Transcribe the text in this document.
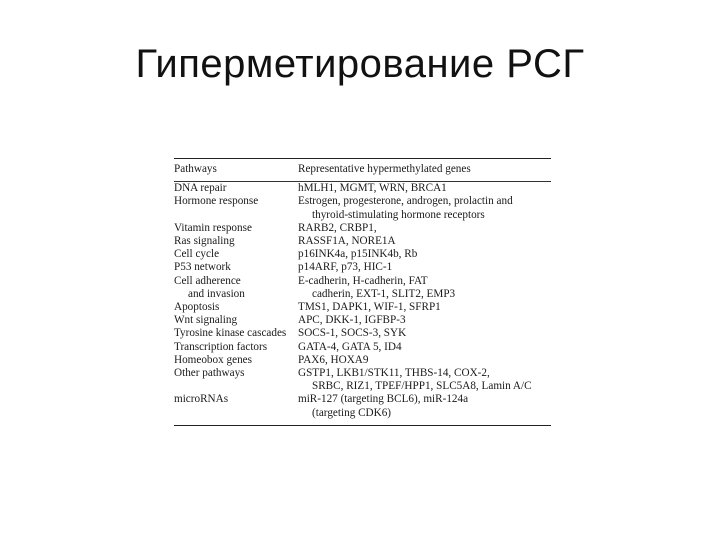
Гиперметирование РСГ
Pathways	Representative hypermethylated genes

DNA repair	hMLH1, MGMT, WRN, BRCA1
Hormone response	Estrogen, progesterone, androgen, prolactin and
thyroid-stimulating hormone receptors

Vitamin response	RARB2, CRBP1,
Ras signaling	RASSF1A, NORE1A
Cell cycle	p16INK4a, p15INK4b, Rb
P53 network	p14ARF, p73, HIC-1
Cell adherence
and invasion	E-cadherin, H-cadherin, FAT
cadherin, EXT-1, SLIT2, EMP3

Apoptosis	TMS1, DAPK1, WIF-1, SFRP1
Wnt signaling	APC, DKK-1, IGFBP-3
Tyrosine kinase cascades	SOCS-1, SOCS-3, SYK
Transcription factors	GATA-4, GATA 5, ID4
Homeobox genes	PAX6, HOXA9
Other pathways	GSTP1, LKB1/STK11, THBS-14, COX-2,
SRBC, RIZ1, TPEF/HPP1, SLC5A8, Lamin A/C

microRNAs	miR-127 (targeting BCL6), miR-124a
(targeting CDK6)
